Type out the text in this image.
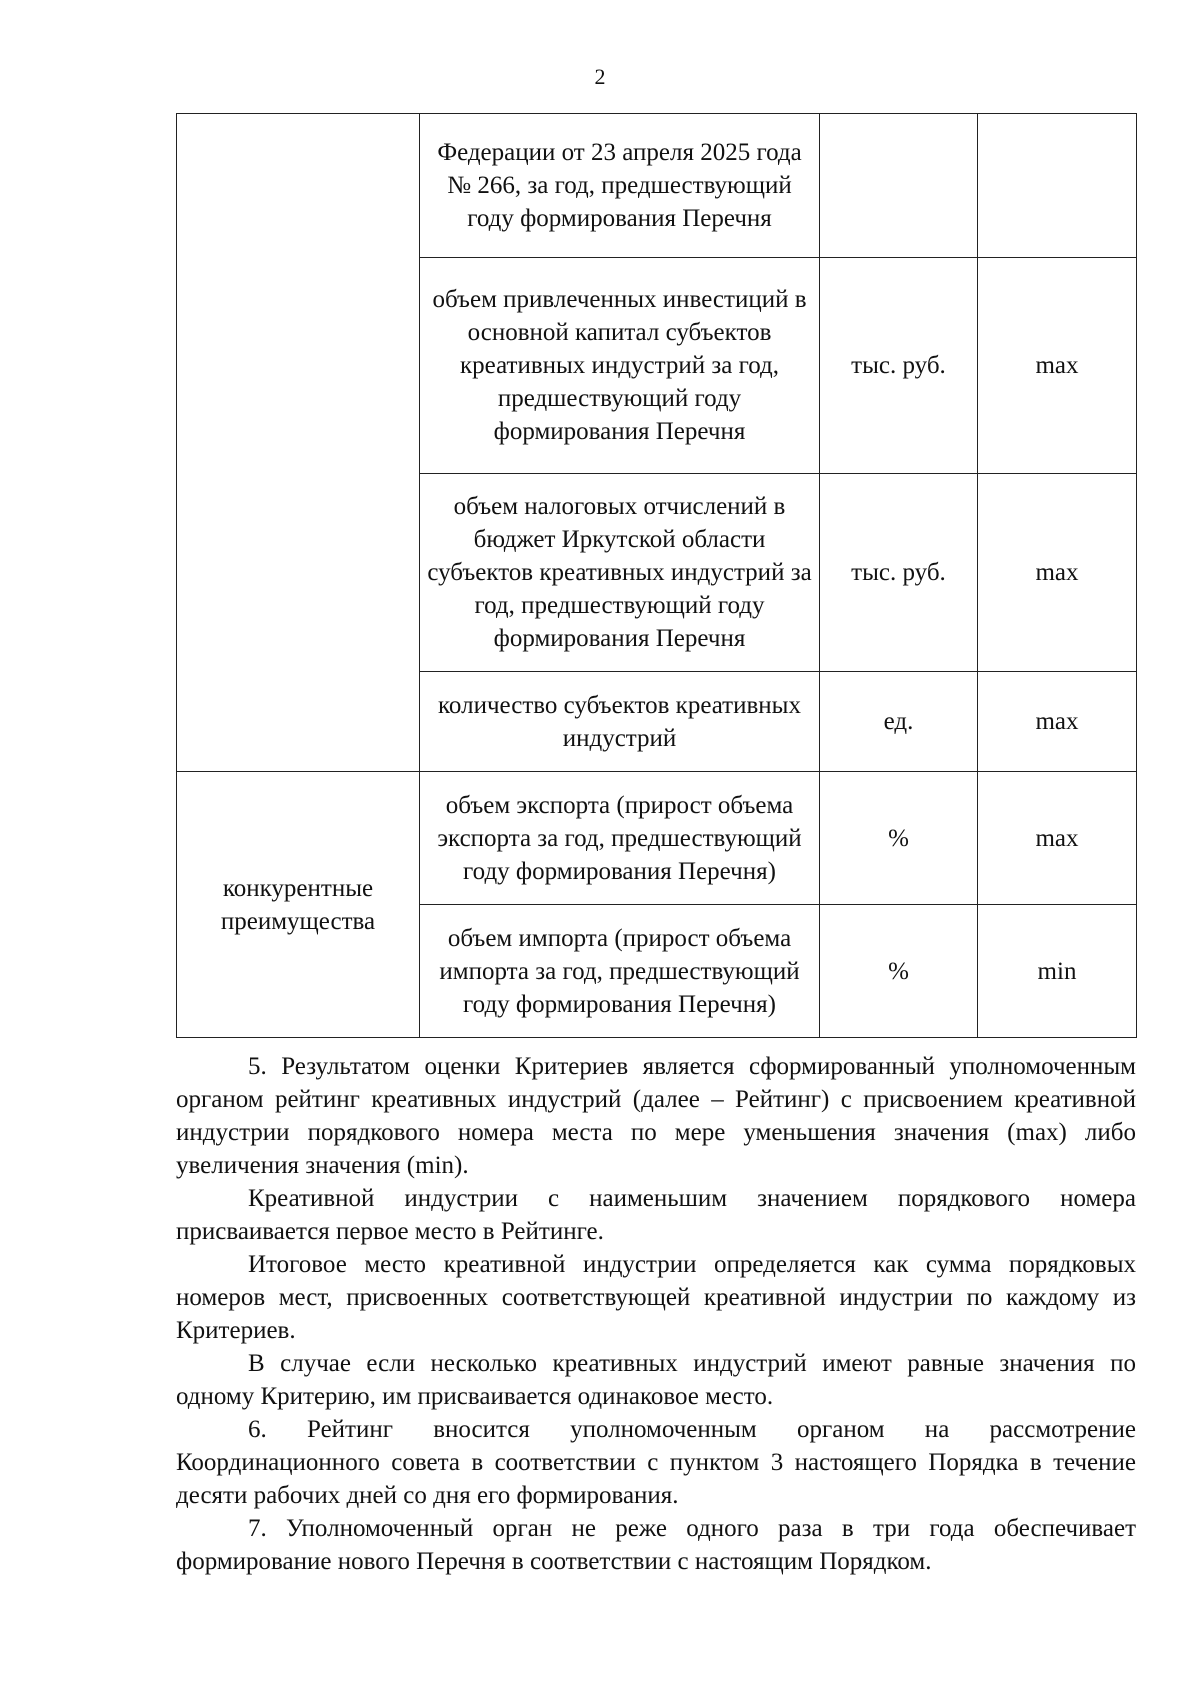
2
	Федерации от 23 апреля 2025 года № 266, за год, предшествующий году формирования Перечня		
	объем привлеченных инвестиций в основной капитал субъектов креативных индустрий за год, предшествующий году формирования Перечня	тыс. руб.	max
	объем налоговых отчислений в бюджет Иркутской области субъектов креативных индустрий за год, предшествующий году формирования Перечня	тыс. руб.	max
	количество субъектов креативных индустрий	ед.	max
конкурентные преимущества	объем экспорта (прирост объема экспорта за год, предшествующий году формирования Перечня)	%	max
	объем импорта (прирост объема импорта за год, предшествующий году формирования Перечня)	%	min

5. Результатом оценки Критериев является сформированный уполномоченным органом рейтинг креативных индустрий (далее – Рейтинг) с присвоением креативной индустрии порядкового номера места по мере уменьшения значения (max) либо увеличения значения (min).

Креативной индустрии с наименьшим значением порядкового номера присваивается первое место в Рейтинге.

Итоговое место креативной индустрии определяется как сумма порядковых номеров мест, присвоенных соответствующей креативной индустрии по каждому из Критериев.

В случае если несколько креативных индустрий имеют равные значения по одному Критерию, им присваивается одинаковое место.

6. Рейтинг вносится уполномоченным органом на рассмотрение Координационного совета в соответствии с пунктом 3 настоящего Порядка в течение десяти рабочих дней со дня его формирования.

7. Уполномоченный орган не реже одного раза в три года обеспечивает формирование нового Перечня в соответствии с настоящим Порядком.
